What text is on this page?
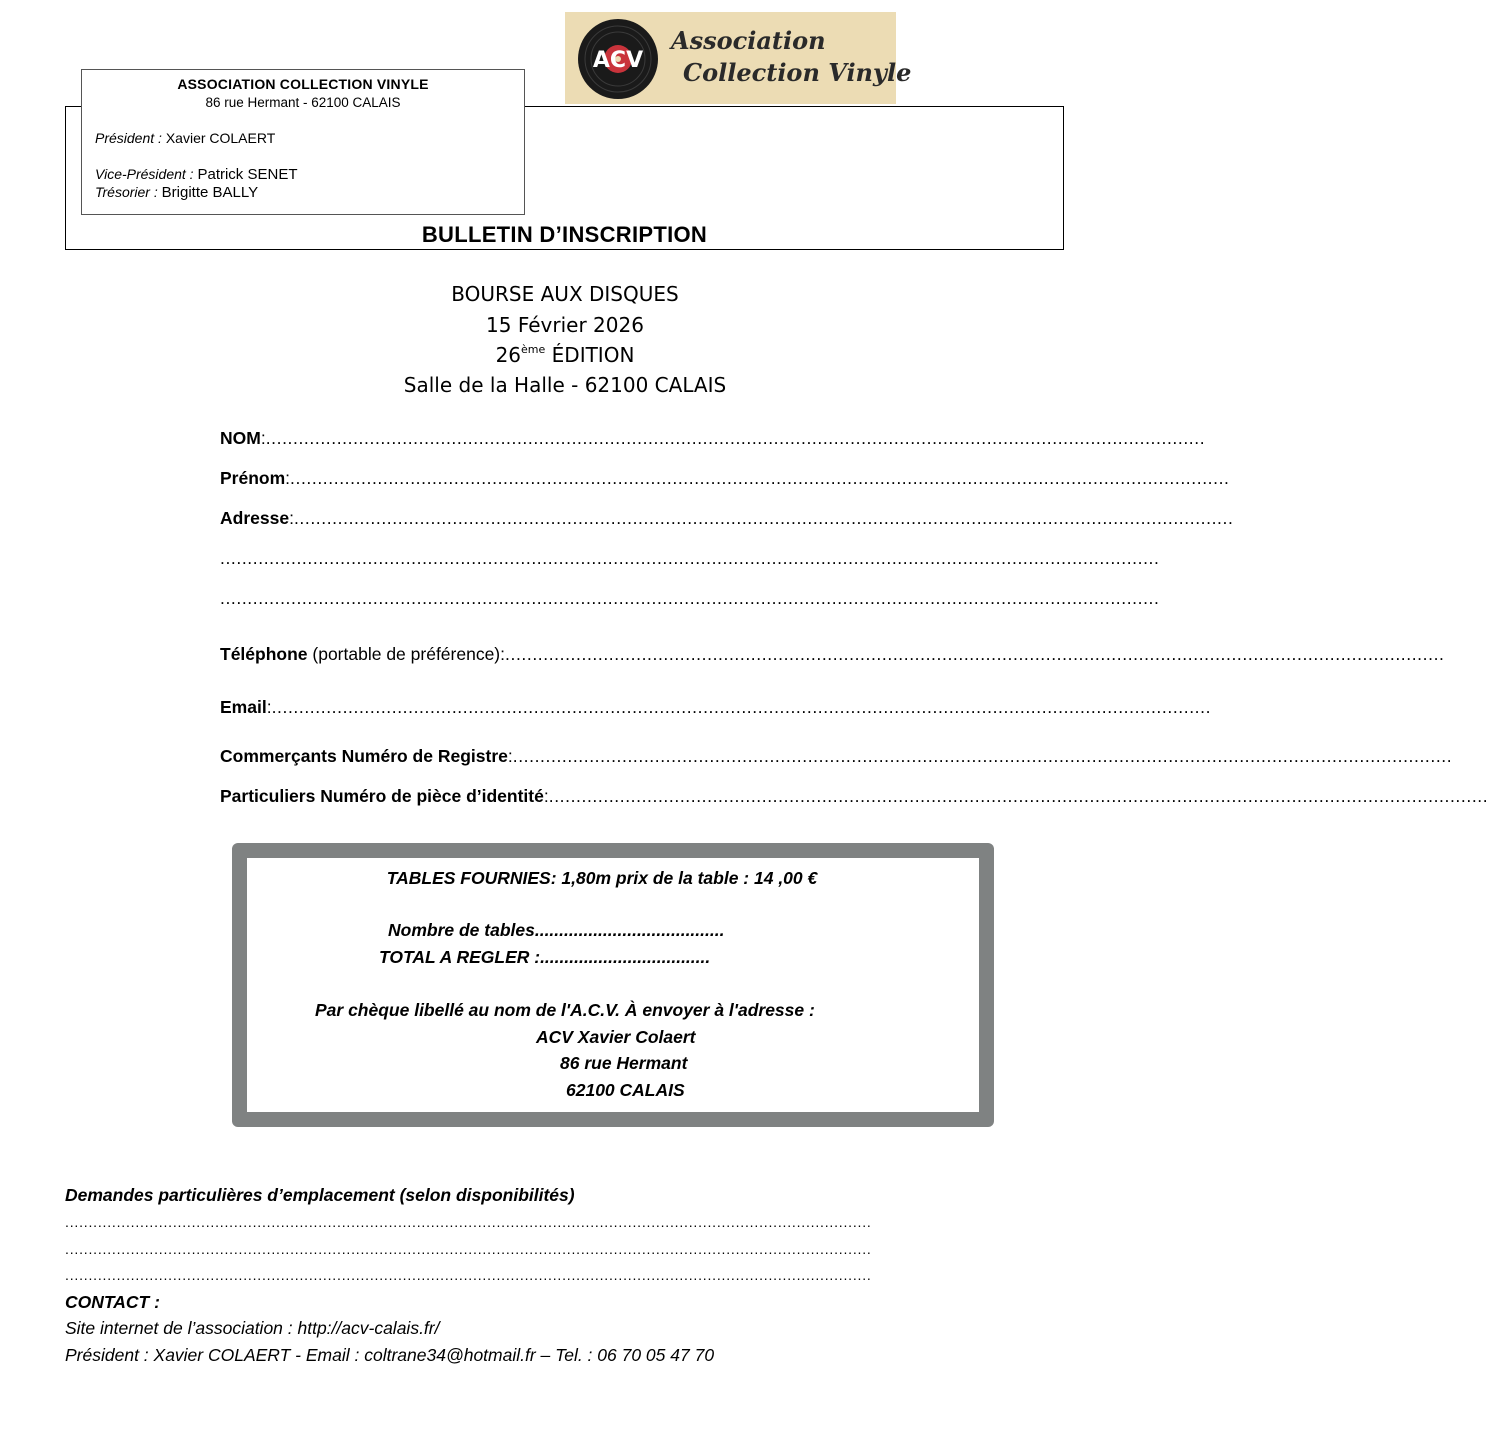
ASSOCIATION COLLECTION VINYLE
86 rue Hermant - 62100 CALAIS
Président : Xavier COLAERT
Vice-Président : Patrick SENET
Trésorier : Brigitte BALLY
ACV
Association
Collection Vinyle
BULLETIN D’INSCRIPTION
BOURSE AUX DISQUES
15 Février 2026
26ème ÉDITION
Salle de la Halle - 62100 CALAIS
NOM : ............................................................................................................................................................................
Prénom : ............................................................................................................................................................................
Adresse : ............................................................................................................................................................................
............................................................................................................................................................................
............................................................................................................................................................................
Téléphone
(portable de préférence) : ............................................................................................................................................................................
Email : ............................................................................................................................................................................
Commerçants Numéro de Registre : ............................................................................................................................................................................
Particuliers Numéro de pièce d’identité : ............................................................................................................................................................................
TABLES FOURNIES: 1,80m prix de la table : 14 ,00 €
Nombre de tables.......................................
TOTAL A REGLER :...................................
Par chèque libellé au nom de l'A.C.V. À envoyer à l'adresse :
ACV Xavier Colaert
86 rue Hermant
62100 CALAIS
Demandes particulières d’emplacement (selon disponibilités)
............................................................................................................................................................................
............................................................................................................................................................................
............................................................................................................................................................................
CONTACT :
Site internet de l’association : http://acv-calais.fr/
Président : Xavier COLAERT - Email : coltrane34@hotmail.fr – Tel. : 06 70 05 47 70
